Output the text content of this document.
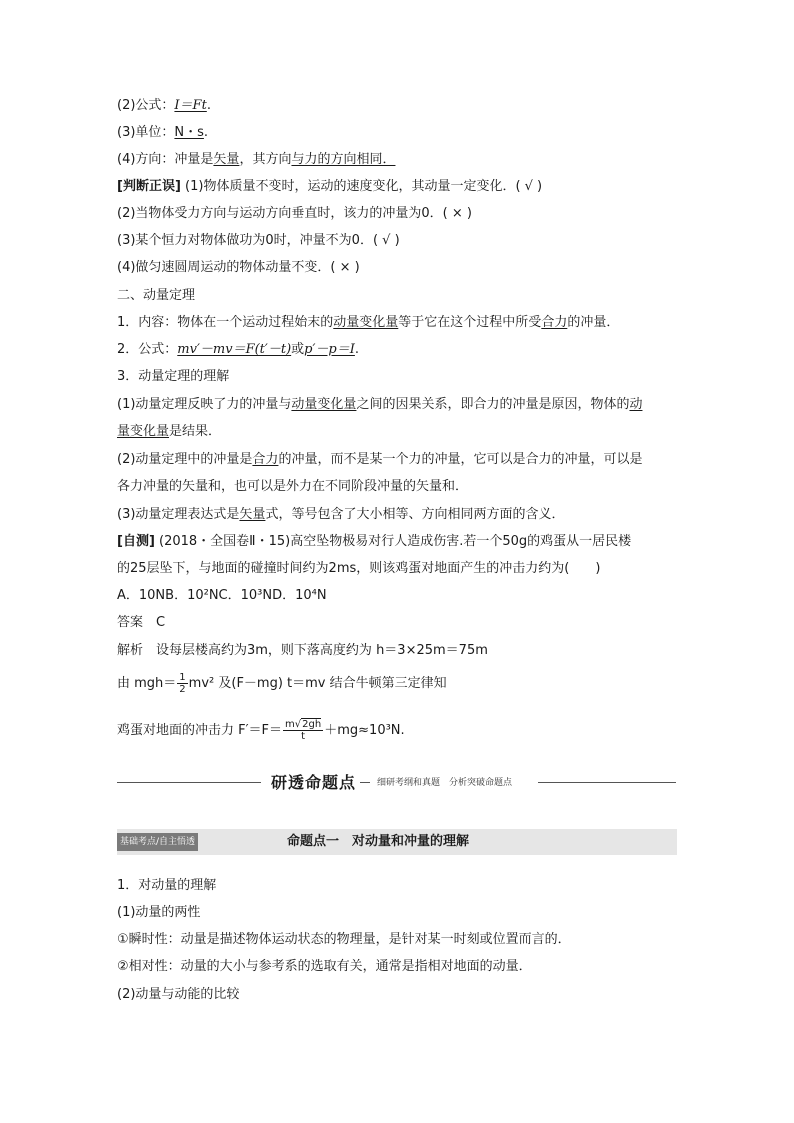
(2)公式：I＝Ft.
(3)单位：N・s.
(4)方向：冲量是矢量，其方向与力的方向相同．
[判断正误] (1)物体质量不变时，运动的速度变化，其动量一定变化．( √ )
(2)当物体受力方向与运动方向垂直时，该力的冲量为0．( × )
(3)某个恒力对物体做功为0时，冲量不为0．( √ )
(4)做匀速圆周运动的物体动量不变．( × )
二、动量定理
1．内容：物体在一个运动过程始末的动量变化量等于它在这个过程中所受合力的冲量．
2．公式：mv′－mv＝F(t′－t)或p′－p＝I.
3．动量定理的理解
(1)动量定理反映了力的冲量与动量变化量之间的因果关系，即合力的冲量是原因，物体的动
量变化量是结果．
(2)动量定理中的冲量是合力的冲量，而不是某一个力的冲量，它可以是合力的冲量，可以是
各力冲量的矢量和，也可以是外力在不同阶段冲量的矢量和．
(3)动量定理表达式是矢量式，等号包含了大小相等、方向相同两方面的含义．
[自测] (2018・全国卷Ⅱ・15)高空坠物极易对行人造成伤害.若一个50g的鸡蛋从一居民楼
的25层坠下，与地面的碰撞时间约为2ms，则该鸡蛋对地面产生的冲击力约为(　　)
A．10NB．10²NC．10³ND．10⁴N
答案　C
解析　设每层楼高约为3m，则下落高度约为 h＝3×25m＝75m
由 $mgh= \frac{1}{2} mv^2$ 及(F－mg) t＝mv 结合牛顿第三定律知
鸡蛋对地面的冲击力 $F'=F= \frac{m√2gh}{t} +mg\approx 10^3N$.
研透命题点 细研考纲和真题　分析突破命题点
基础考点/自主悟透	命题点一　对动量和冲量的理解
1．对动量的理解
(1)动量的两性
①瞬时性：动量是描述物体运动状态的物理量，是针对某一时刻或位置而言的．
②相对性：动量的大小与参考系的选取有关，通常是指相对地面的动量．
(2)动量与动能的比较
